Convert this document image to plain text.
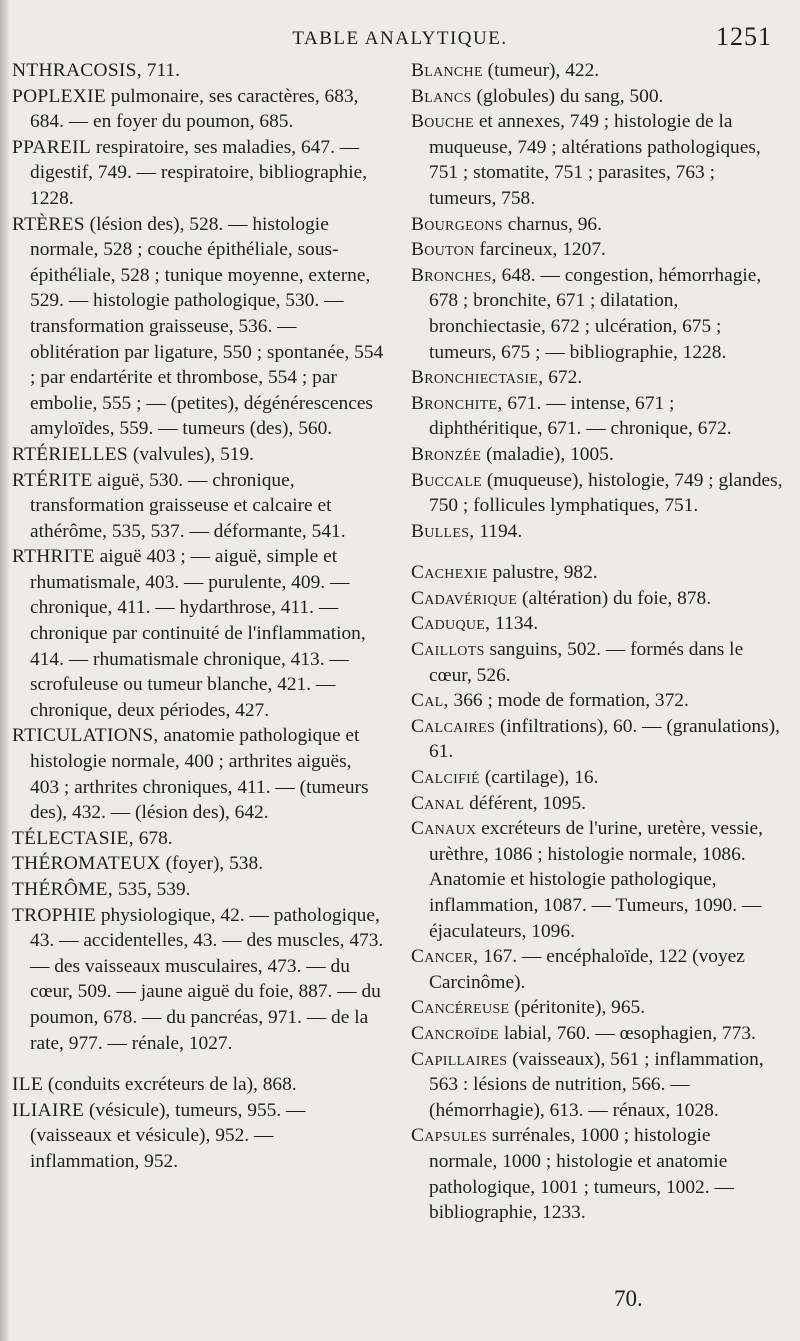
TABLE ANALYTIQUE.	1251

NTHRACOSIS, 711.

POPLEXIE pulmonaire, ses caractères, 683, 684. — en foyer du poumon, 685.

PPAREIL respiratoire, ses maladies, 647. — digestif, 749. — respiratoire, bibliographie, 1228.

RTÈRES (lésion des), 528. — histologie normale, 528 ; couche épithéliale, sous-épithéliale, 528 ; tunique moyenne, externe, 529. — histologie pathologique, 530. — transformation graisseuse, 536. — oblitération par ligature, 550 ; spontanée, 554 ; par endartérite et thrombose, 554 ; par embolie, 555 ; — (petites), dégénérescences amyloïdes, 559. — tumeurs (des), 560.

RTÉRIELLES (valvules), 519.

RTÉRITE aiguë, 530. — chronique, transformation graisseuse et calcaire et athérôme, 535, 537. — déformante, 541.

RTHRITE aiguë 403 ; — aiguë, simple et rhumatismale, 403. — purulente, 409. — chronique, 411. — hydarthrose, 411. — chronique par continuité de l'inflammation, 414. — rhumatismale chronique, 413. — scrofuleuse ou tumeur blanche, 421. — chronique, deux périodes, 427.

RTICULATIONS, anatomie pathologique et histologie normale, 400 ; arthrites aiguës, 403 ; arthrites chroniques, 411. — (tumeurs des), 432. — (lésion des), 642.

TÉLECTASIE, 678.

THÉROMATEUX (foyer), 538.

THÉRÔME, 535, 539.

TROPHIE physiologique, 42. — pathologique, 43. — accidentelles, 43. — des muscles, 473. — des vaisseaux musculaires, 473. — du cœur, 509. — jaune aiguë du foie, 887. — du poumon, 678. — du pancréas, 971. — de la rate, 977. — rénale, 1027.

ILE (conduits excréteurs de la), 868.

ILIAIRE (vésicule), tumeurs, 955. — (vaisseaux et vésicule), 952. — inflammation, 952.

Blanche (tumeur), 422.

Blancs (globules) du sang, 500.

Bouche et annexes, 749 ; histologie de la muqueuse, 749 ; altérations pathologiques, 751 ; stomatite, 751 ; parasites, 763 ; tumeurs, 758.

Bourgeons charnus, 96.

Bouton farcineux, 1207.

Bronches, 648. — congestion, hémorrhagie, 678 ; bronchite, 671 ; dilatation, bronchiectasie, 672 ; ulcération, 675 ; tumeurs, 675 ; — bibliographie, 1228.

Bronchiectasie, 672.

Bronchite, 671. — intense, 671 ; diphthéritique, 671. — chronique, 672.

Bronzée (maladie), 1005.

Buccale (muqueuse), histologie, 749 ; glandes, 750 ; follicules lymphatiques, 751.

Bulles, 1194.

Cachexie palustre, 982.

Cadavérique (altération) du foie, 878.

Caduque, 1134.

Caillots sanguins, 502. — formés dans le cœur, 526.

Cal, 366 ; mode de formation, 372.

Calcaires (infiltrations), 60. — (granulations), 61.

Calcifié (cartilage), 16.

Canal déférent, 1095.

Canaux excréteurs de l'urine, uretère, vessie, urèthre, 1086 ; histologie normale, 1086. Anatomie et histologie pathologique, inflammation, 1087. — Tumeurs, 1090. — éjaculateurs, 1096.

Cancer, 167. — encéphaloïde, 122 (voyez Carcinôme).

Cancéreuse (péritonite), 965.

Cancroïde labial, 760. — œsophagien, 773.

Capillaires (vaisseaux), 561 ; inflammation, 563 : lésions de nutrition, 566. — (hémorrhagie), 613. — rénaux, 1028.

Capsules surrénales, 1000 ; histologie normale, 1000 ; histologie et anatomie pathologique, 1001 ; tumeurs, 1002. — bibliographie, 1233.

70.
